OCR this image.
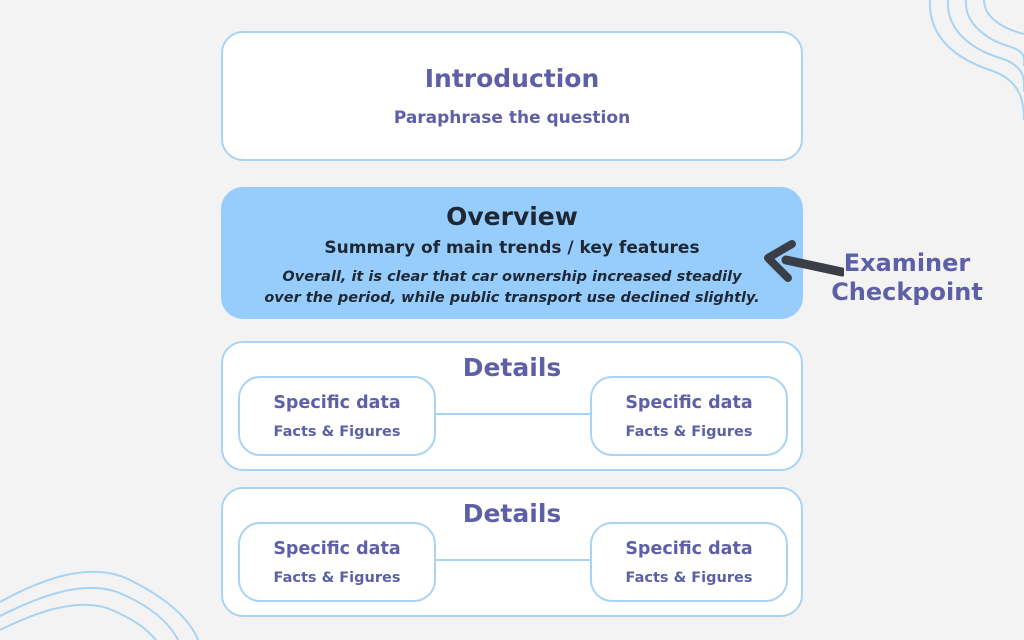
Introduction
Paraphrase the question
Overview
Summary of main trends / key features
Overall, it is clear that car ownership increased steadily
over the period, while public transport use declined slightly.
Details
Specific data
Facts & Figures
Specific data
Facts & Figures
Details
Specific data
Facts & Figures
Specific data
Facts & Figures
Examiner
Checkpoint
